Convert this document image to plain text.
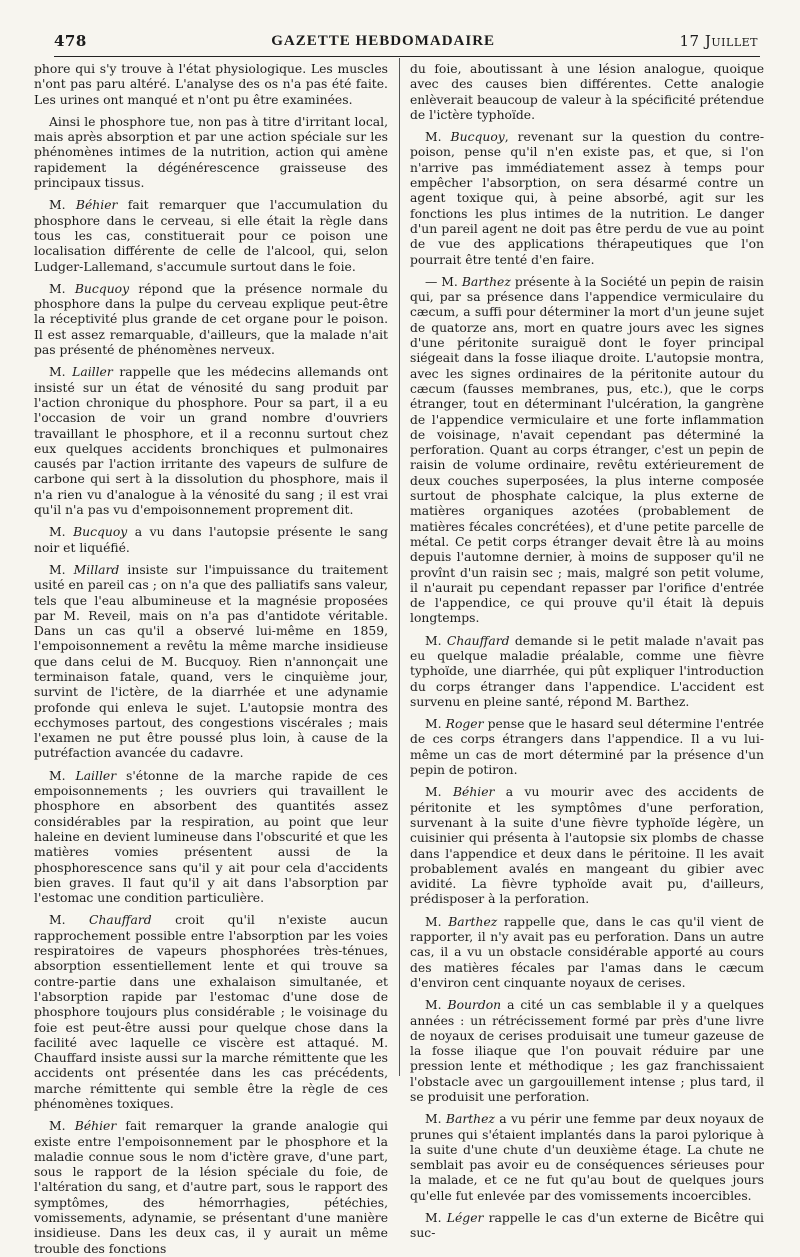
478	GAZETTE HEBDOMADAIRE	17 Juillet

phore qui s'y trouve à l'état physiologique. Les muscles n'ont pas paru altéré. L'analyse des os n'a pas été faite. Les urines ont manqué et n'ont pu être examinées.

Ainsi le phosphore tue, non pas à titre d'irritant local, mais après absorption et par une action spéciale sur les phénomènes intimes de la nutrition, action qui amène rapidement la dégénérescence graisseuse des principaux tissus.

M. Béhier fait remarquer que l'accumulation du phosphore dans le cerveau, si elle était la règle dans tous les cas, constituerait pour ce poison une localisation différente de celle de l'alcool, qui, selon Ludger-Lallemand, s'accumule surtout dans le foie.

M. Bucquoy répond que la présence normale du phosphore dans la pulpe du cerveau explique peut-être la réceptivité plus grande de cet organe pour le poison. Il est assez remarquable, d'ailleurs, que la malade n'ait pas présenté de phénomènes nerveux.

M. Lailler rappelle que les médecins allemands ont insisté sur un état de vénosité du sang produit par l'action chronique du phosphore. Pour sa part, il a eu l'occasion de voir un grand nombre d'ouvriers travaillant le phosphore, et il a reconnu surtout chez eux quelques accidents bronchiques et pulmonaires causés par l'action irritante des vapeurs de sulfure de carbone qui sert à la dissolution du phosphore, mais il n'a rien vu d'analogue à la vénosité du sang ; il est vrai qu'il n'a pas vu d'empoisonnement proprement dit.

M. Bucquoy a vu dans l'autopsie présente le sang noir et liquéfié.

M. Millard insiste sur l'impuissance du traitement usité en pareil cas ; on n'a que des palliatifs sans valeur, tels que l'eau albumineuse et la magnésie proposées par M. Reveil, mais on n'a pas d'antidote véritable. Dans un cas qu'il a observé lui-même en 1859, l'empoisonnement a revêtu la même marche insidieuse que dans celui de M. Bucquoy. Rien n'annonçait une terminaison fatale, quand, vers le cinquième jour, survint de l'ictère, de la diarrhée et une adynamie profonde qui enleva le sujet. L'autopsie montra des ecchymoses partout, des congestions viscérales ; mais l'examen ne put être poussé plus loin, à cause de la putréfaction avancée du cadavre.

M. Lailler s'étonne de la marche rapide de ces empoisonnements ; les ouvriers qui travaillent le phosphore en absorbent des quantités assez considérables par la respiration, au point que leur haleine en devient lumineuse dans l'obscurité et que les matières vomies présentent aussi de la phosphorescence sans qu'il y ait pour cela d'accidents bien graves. Il faut qu'il y ait dans l'absorption par l'estomac une condition particulière.

M. Chauffard croit qu'il n'existe aucun rapprochement possible entre l'absorption par les voies respiratoires de vapeurs phosphorées très-ténues, absorption essentiellement lente et qui trouve sa contre-partie dans une exhalaison simultanée, et l'absorption rapide par l'estomac d'une dose de phosphore toujours plus considérable ; le voisinage du foie est peut-être aussi pour quelque chose dans la facilité avec laquelle ce viscère est attaqué. M. Chauffard insiste aussi sur la marche rémittente que les accidents ont présentée dans les cas précédents, marche rémittente qui semble être la règle de ces phénomènes toxiques.

M. Béhier fait remarquer la grande analogie qui existe entre l'empoisonnement par le phosphore et la maladie connue sous le nom d'ictère grave, d'une part, sous le rapport de la lésion spéciale du foie, de l'altération du sang, et d'autre part, sous le rapport des symptômes, des hémorrhagies, pétéchies, vomissements, adynamie, se présentant d'une manière insidieuse. Dans les deux cas, il y aurait un même trouble des fonctions

du foie, aboutissant à une lésion analogue, quoique avec des causes bien différentes. Cette analogie enlèverait beaucoup de valeur à la spécificité prétendue de l'ictère typhoïde.

M. Bucquoy, revenant sur la question du contre-poison, pense qu'il n'en existe pas, et que, si l'on n'arrive pas immédiatement assez à temps pour empêcher l'absorption, on sera désarmé contre un agent toxique qui, à peine absorbé, agit sur les fonctions les plus intimes de la nutrition. Le danger d'un pareil agent ne doit pas être perdu de vue au point de vue des applications thérapeutiques que l'on pourrait être tenté d'en faire.

— M. Barthez présente à la Société un pepin de raisin qui, par sa présence dans l'appendice vermiculaire du cæcum, a suffi pour déterminer la mort d'un jeune sujet de quatorze ans, mort en quatre jours avec les signes d'une péritonite suraiguë dont le foyer principal siégeait dans la fosse iliaque droite. L'autopsie montra, avec les signes ordinaires de la péritonite autour du cæcum (fausses membranes, pus, etc.), que le corps étranger, tout en déterminant l'ulcération, la gangrène de l'appendice vermiculaire et une forte inflammation de voisinage, n'avait cependant pas déterminé la perforation. Quant au corps étranger, c'est un pepin de raisin de volume ordinaire, revêtu extérieurement de deux couches superposées, la plus interne composée surtout de phosphate calcique, la plus externe de matières organiques azotées (probablement de matières fécales concrétées), et d'une petite parcelle de métal. Ce petit corps étranger devait être là au moins depuis l'automne dernier, à moins de supposer qu'il ne provînt d'un raisin sec ; mais, malgré son petit volume, il n'aurait pu cependant repasser par l'orifice d'entrée de l'appendice, ce qui prouve qu'il était là depuis longtemps.

M. Chauffard demande si le petit malade n'avait pas eu quelque maladie préalable, comme une fièvre typhoïde, une diarrhée, qui pût expliquer l'introduction du corps étranger dans l'appendice. L'accident est survenu en pleine santé, répond M. Barthez.

M. Roger pense que le hasard seul détermine l'entrée de ces corps étrangers dans l'appendice. Il a vu lui-même un cas de mort déterminé par la présence d'un pepin de potiron.

M. Béhier a vu mourir avec des accidents de péritonite et les symptômes d'une perforation, survenant à la suite d'une fièvre typhoïde légère, un cuisinier qui présenta à l'autopsie six plombs de chasse dans l'appendice et deux dans le péritoine. Il les avait probablement avalés en mangeant du gibier avec avidité. La fièvre typhoïde avait pu, d'ailleurs, prédisposer à la perforation.

M. Barthez rappelle que, dans le cas qu'il vient de rapporter, il n'y avait pas eu perforation. Dans un autre cas, il a vu un obstacle considérable apporté au cours des matières fécales par l'amas dans le cæcum d'environ cent cinquante noyaux de cerises.

M. Bourdon a cité un cas semblable il y a quelques années : un rétrécissement formé par près d'une livre de noyaux de cerises produisait une tumeur gazeuse de la fosse iliaque que l'on pouvait réduire par une pression lente et méthodique ; les gaz franchissaient l'obstacle avec un gargouillement intense ; plus tard, il se produisit une perforation.

M. Barthez a vu périr une femme par deux noyaux de prunes qui s'étaient implantés dans la paroi pylorique à la suite d'une chute d'un deuxième étage. La chute ne semblait pas avoir eu de conséquences sérieuses pour la malade, et ce ne fut qu'au bout de quelques jours qu'elle fut enlevée par des vomissements incoercibles.

M. Léger rappelle le cas d'un externe de Bicêtre qui suc-
